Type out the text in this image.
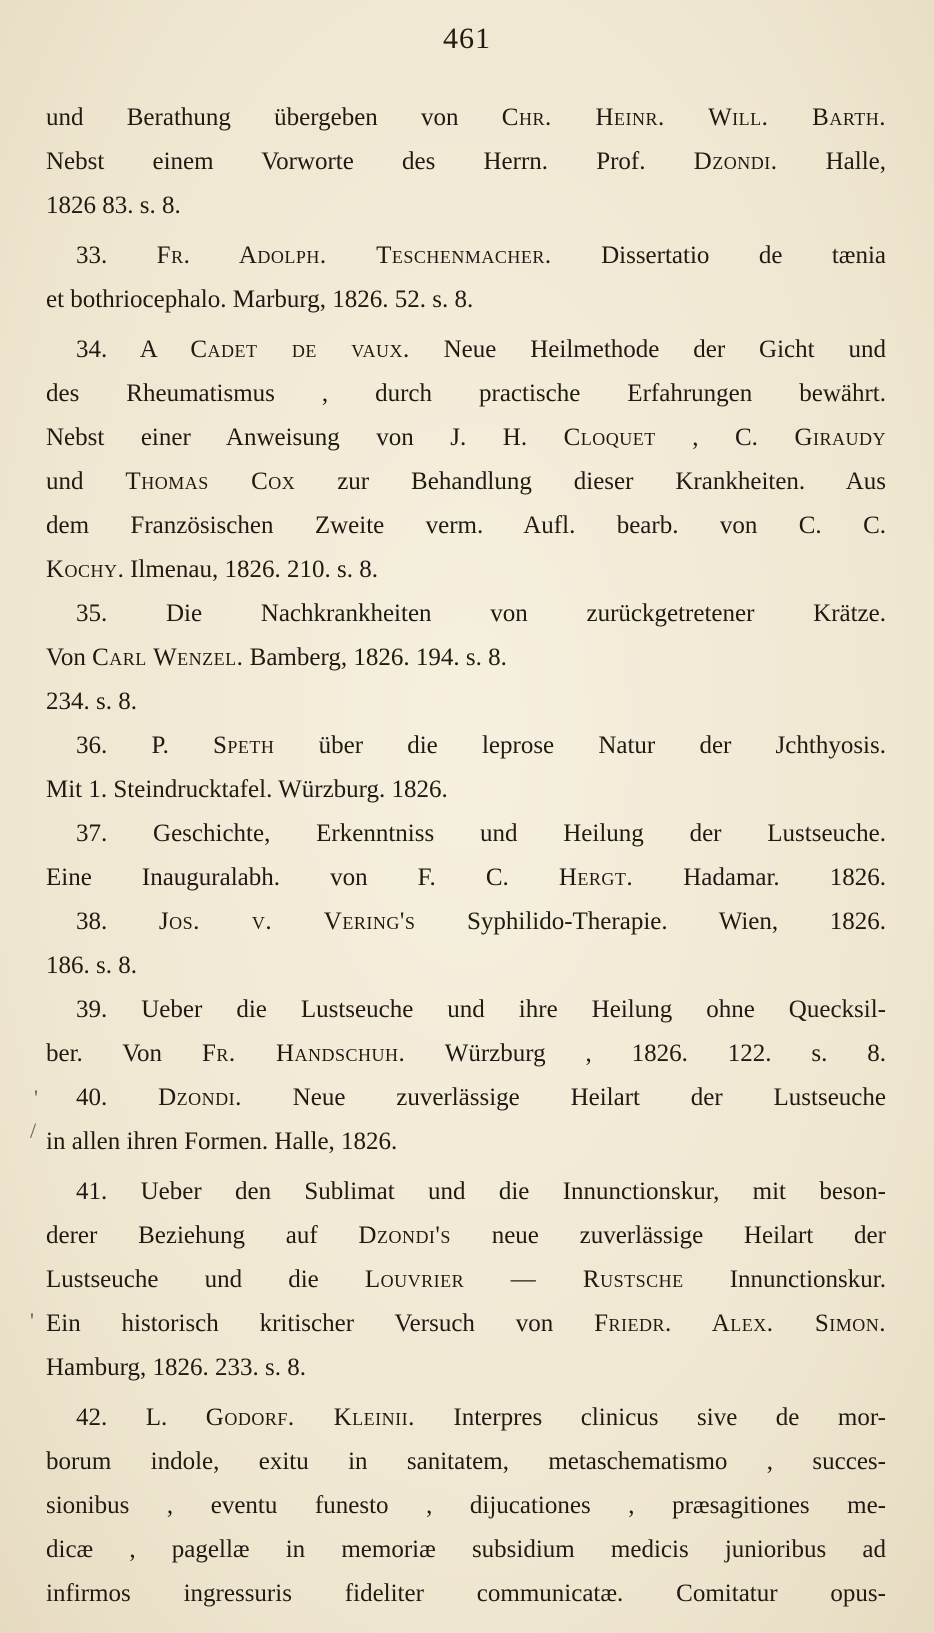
461
'
/
'
und Berathung übergeben von Chr. Heinr. Will. Barth.
Nebst einem Vorworte des Herrn. Prof. Dzondi. Halle,
1826 83. s. 8.
33. Fr. Adolph. Teschenmacher. Dissertatio de tænia
et bothriocephalo. Marburg, 1826. 52. s. 8.
34. A Cadet de vaux. Neue Heilmethode der Gicht und
des Rheumatismus , durch practische Erfahrungen bewährt.
Nebst einer Anweisung von J. H. Cloquet , C. Giraudy
und Thomas Cox zur Behandlung dieser Krankheiten. Aus
dem Französischen Zweite verm. Aufl. bearb. von C. C.
Kochy. Ilmenau, 1826. 210. s. 8.
35. Die Nachkrankheiten von zurückgetretener Krätze.
Von Carl Wenzel. Bamberg, 1826. 194. s. 8.
234. s. 8.
36. P. Speth über die leprose Natur der Jchthyosis.
Mit 1. Steindrucktafel. Würzburg. 1826.
37. Geschichte, Erkenntniss und Heilung der Lustseuche.
Eine Inauguralabh. von F. C. Hergt. Hadamar. 1826.
38. Jos. v. Vering's Syphilido-Therapie. Wien, 1826.
186. s. 8.
39. Ueber die Lustseuche und ihre Heilung ohne Quecksil-
ber. Von Fr. Handschuh. Würzburg , 1826. 122. s. 8.
40. Dzondi. Neue zuverlässige Heilart der Lustseuche
in allen ihren Formen. Halle, 1826.
41. Ueber den Sublimat und die Innunctionskur, mit beson-
derer Beziehung auf Dzondi's neue zuverlässige Heilart der
Lustseuche und die Louvrier — Rustsche Innunctionskur.
Ein historisch kritischer Versuch von Friedr. Alex. Simon.
Hamburg, 1826. 233. s. 8.
42. L. Godorf. Kleinii. Interpres clinicus sive de mor-
borum indole, exitu in sanitatem, metaschematismo , succes-
sionibus , eventu funesto , dijucationes , præsagitiones me-
dicæ , pagellæ in memoriæ subsidium medicis junioribus ad
infirmos ingressuris fideliter communicatæ. Comitatur opus-
